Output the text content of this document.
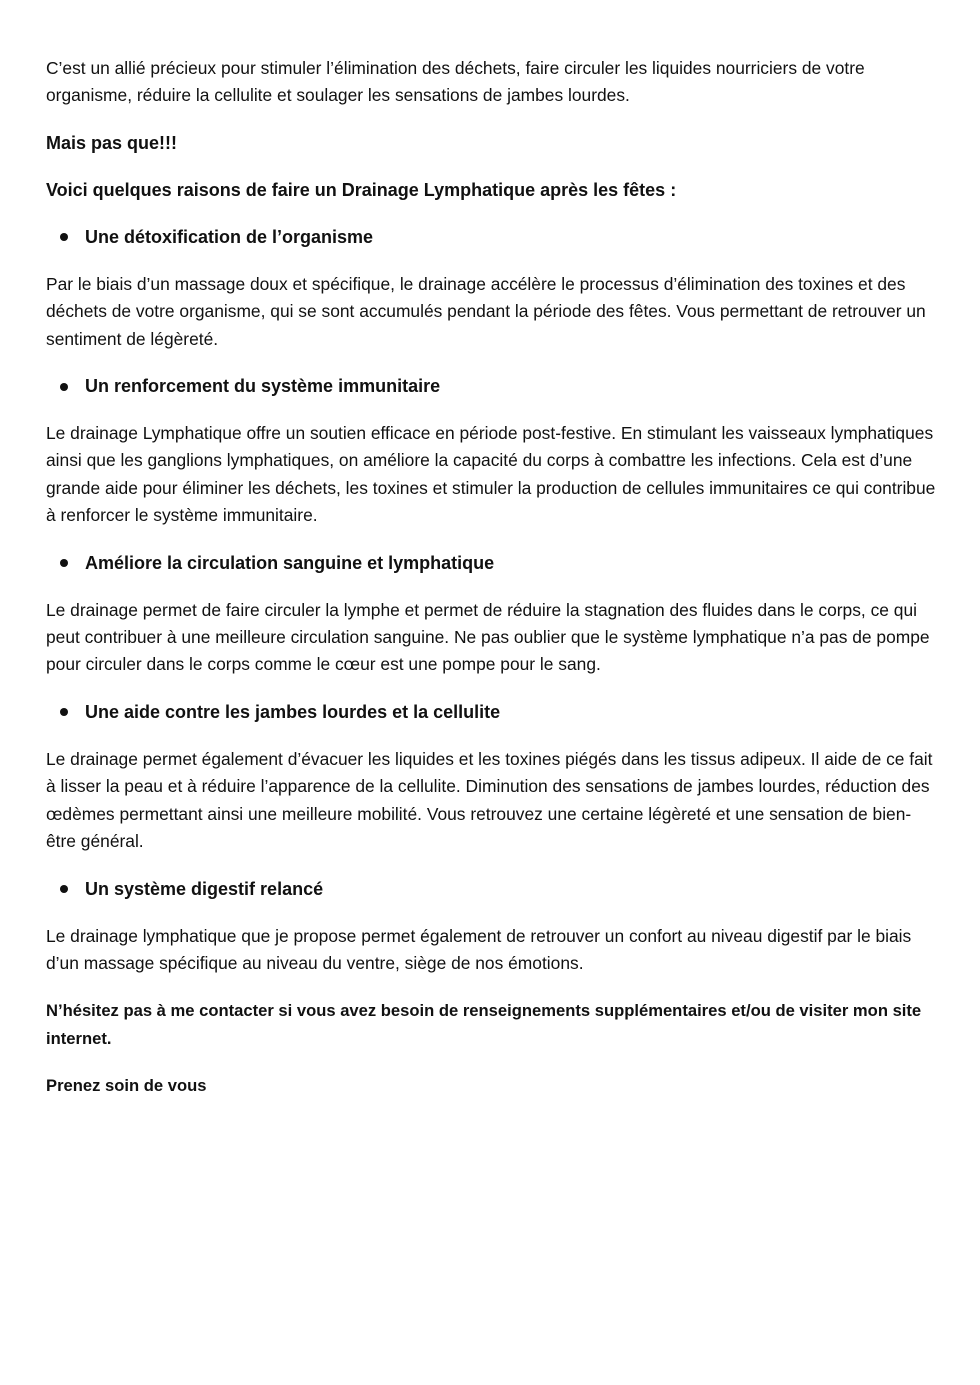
C’est un allié précieux pour stimuler l’élimination des déchets, faire circuler les liquides nourriciers de votre organisme, réduire la cellulite et soulager les sensations de jambes lourdes.

Mais pas que!!!

Voici quelques raisons de faire un Drainage Lymphatique après les fêtes :

Une détoxification de l’organisme

Par le biais d’un massage doux et spécifique, le drainage accélère le processus d’élimination des toxines et des déchets de votre organisme, qui se sont accumulés pendant la période des fêtes. Vous permettant de retrouver un sentiment de légèreté.

Un renforcement du système immunitaire

Le drainage Lymphatique offre un soutien efficace en période post-festive. En stimulant les vaisseaux lymphatiques ainsi que les ganglions lymphatiques, on améliore la capacité du corps à combattre les infections. Cela est d’une grande aide pour éliminer les déchets, les toxines et stimuler la production de cellules immunitaires ce qui contribue à renforcer le système immunitaire.

Améliore la circulation sanguine et lymphatique

Le drainage permet de faire circuler la lymphe et permet de réduire la stagnation des fluides dans le corps, ce qui peut contribuer à une meilleure circulation sanguine. Ne pas oublier que le système lymphatique n’a pas de pompe pour circuler dans le corps comme le cœur est une pompe pour le sang.

Une aide contre les jambes lourdes et la cellulite

Le drainage permet également d’évacuer les liquides et les toxines piégés dans les tissus adipeux. Il aide de ce fait à lisser la peau et à réduire l’apparence de la cellulite. Diminution des sensations de jambes lourdes, réduction des œdèmes permettant ainsi une meilleure mobilité. Vous retrouvez une certaine légèreté et une sensation de bien-être général.

Un système digestif relancé

Le drainage lymphatique que je propose permet également de retrouver un confort au niveau digestif par le biais d’un massage spécifique au niveau du ventre, siège de nos émotions.

N’hésitez pas à me contacter si vous avez besoin de renseignements supplémentaires et/ou de visiter mon site internet.

Prenez soin de vous
